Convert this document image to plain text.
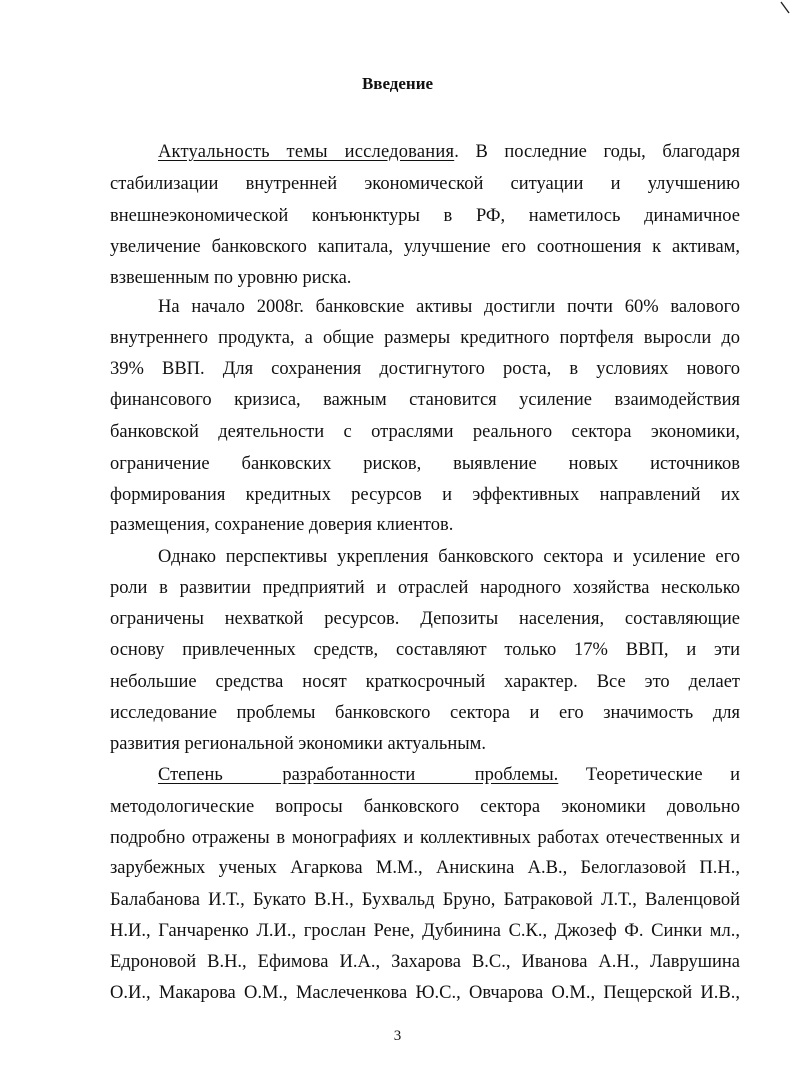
Введение
Актуальность темы исследования. В последние годы, благодаря
стабилизации внутренней экономической ситуации и улучшению
внешнеэкономической конъюнктуры в РФ, наметилось динамичное
увеличение банковского капитала, улучшение его соотношения к активам,
взвешенным по уровню риска.
На начало 2008г. банковские активы достигли почти 60% валового
внутреннего продукта, а общие размеры кредитного портфеля выросли до
39% ВВП. Для сохранения достигнутого роста, в условиях нового
финансового кризиса, важным становится усиление взаимодействия
банковской деятельности с отраслями реального сектора экономики,
ограничение банковских рисков, выявление новых источников
формирования кредитных ресурсов и эффективных направлений их
размещения, сохранение доверия клиентов.
Однако перспективы укрепления банковского сектора и усиление его
роли в развитии предприятий и отраслей народного хозяйства несколько
ограничены нехваткой ресурсов. Депозиты населения, составляющие
основу привлеченных средств, составляют только 17% ВВП, и эти
небольшие средства носят краткосрочный характер. Все это делает
исследование проблемы банковского сектора и его значимость для
развития региональной экономики актуальным.
Степень разработанности проблемы. Теоретические и
методологические вопросы банковского сектора экономики довольно
подробно отражены в монографиях и коллективных работах отечественных и
зарубежных ученых Агаркова М.М., Анискина А.В., Белоглазовой П.Н.,
Балабанова И.Т., Букато В.Н., Бухвальд Бруно, Батраковой Л.Т., Валенцовой
Н.И., Ганчаренко Л.И., гpослан Рене, Дубинина С.К., Джозеф Ф. Синки мл.,
Едроновой В.Н., Ефимова И.А., Захарова В.С., Иванова А.Н., Лаврушина
О.И., Макарова О.М., Маслеченкова Ю.С., Овчарова О.М., Пещерской И.В.,
3
